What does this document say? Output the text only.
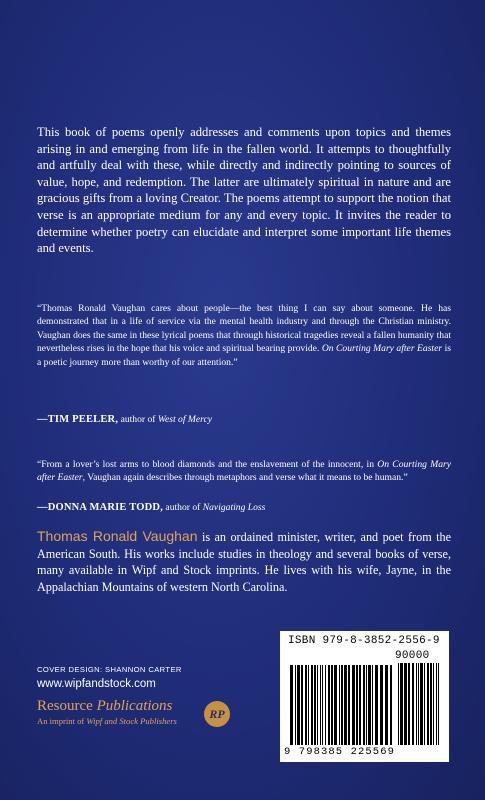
This book of poems openly addresses and comments upon topics and themes arising in and emerging from life in the fallen world. It attempts to thoughtfully and artfully deal with these, while directly and indirectly pointing to sources of value, hope, and redemption. The latter are ultimately spiritual in nature and are gracious gifts from a loving Creator. The poems attempt to support the notion that verse is an appropriate medium for any and every topic. It invites the reader to determine whether poetry can elucidate and interpret some important life themes and events.

“Thomas Ronald Vaughan cares about people—the best thing I can say about someone. He has demonstrated that in a life of service via the mental health industry and through the Christian ministry. Vaughan does the same in these lyrical poems that through historical tragedies reveal a fallen humanity that nevertheless rises in the hope that his voice and spiritual bearing provide. On Courting Mary after Easter is a poetic journey more than worthy of our attention.”

—TIM PEELER, author of West of Mercy

“From a lover’s lost arms to blood diamonds and the enslavement of the innocent, in On Courting Mary after Easter, Vaughan again describes through metaphors and verse what it means to be human.”

—DONNA MARIE TODD, author of Navigating Loss

Thomas Ronald Vaughan is an ordained minister, writer, and poet from the American South. His works include studies in theology and several books of verse, many available in Wipf and Stock imprints. He lives with his wife, Jayne, in the Appalachian Mountains of western North Carolina.

COVER DESIGN: SHANNON CARTER

www.wipfandstock.com

Resource Publications

An imprint of Wipf and Stock Publishers

RP

ISBN 979-8-3852-2556-9

90000

9 798385 225569
